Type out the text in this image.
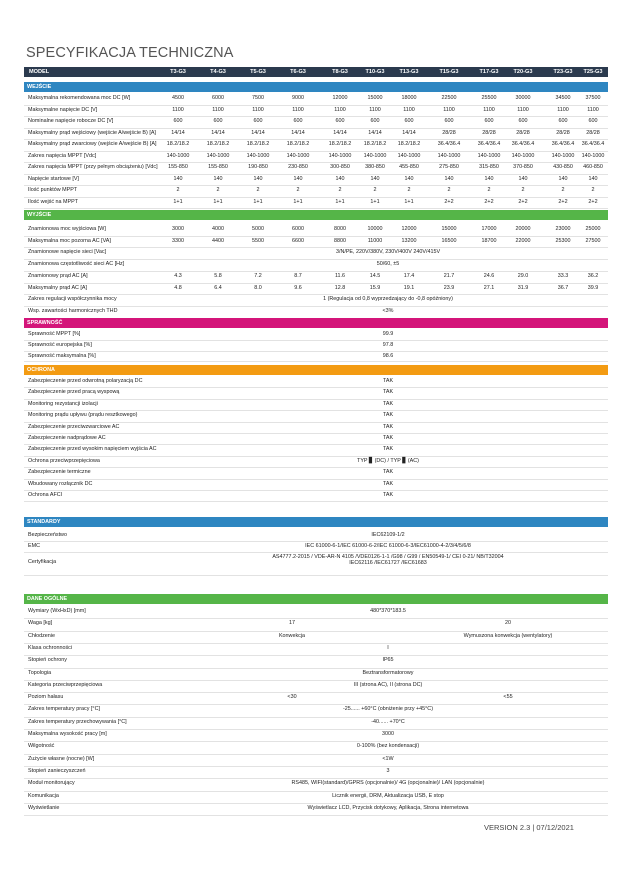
SPECYFIKACJA TECHNICZNA
MODEL	T3-G3	T4-G3	T5-G3	T6-G3	T8-G3	T10-G3	T13-G3	T15-G3	T17-G3	T20-G3	T23-G3 T25-G3
WEJŚCIE
Maksymalna rekomendowana moc DC [W]	4500	6000	7500	9000	12000	15000	18000	22500	25500	30000	34500	37500
Maksymalne napięcie DC [V]	1100	1100	1100	1100	1100	1100	1100	1100	1100	1100	1100	1100
Nominalne napięcie robocze DC [V]	600	600	600	600	600	600	600	600	600	600	600	600
Maksymalny prąd wejściowy (wejście A/wejście B) [A]	14/14	14/14	14/14	14/14	14/14	14/14	14/14	28/28	28/28	28/28	28/28	28/28
Maksymalny prąd zwarciowy (wejście A/wejście B) [A] 18.2/18.2	18.2/18.2	18.2/18.2	18.2/18.2	18.2/18.2 18.2/18.2 18.2/18.2	36.4/36.4	36.4/36.4 36.4/36.4	36.4/36.4 36.4/36.4
Zakres napięcia MPPT [Vdc]	140-1000	140-1000	140-1000	140-1000	140-1000 140-1000 140-1000	140-1000	140-1000 140-1000	140-1000 140-1000
Zakres napięcia MPPT (przy pełnym obciążeniu) [Vdc] 155-850	155-850	190-850	230-850	300-850	380-850	455-850	275-850	315-850	370-850	430-850 460-850
Napięcie startowe [V]	140	140	140	140	140	140	140	140	140	140	140	140
Ilość punktów MPPT	2	2	2	2	2	2	2	2	2	2	2	2
Ilość wejść na MPPT	1+1	1+1	1+1	1+1	1+1	1+1	1+1	2+2	2+2	2+2	2+2	2+2
WYJŚCIE
Znamionowa moc wyjściowa [W]	3000	4000	5000	6000	8000	10000	12000	15000	17000	20000	23000	25000
Maksymalna moc pozorna AC [VA]	3300	4400	5500	6600	8800	11000	13200	16500	18700	22000	25300	27500
Znamionowe napięcie sieci [Vac]	3/N/PE, 220V/380V, 230V/400V 240V/415V
Znamionowa częstotliwość sieci AC [Hz]	50/60, ±5
Znamionowy prąd AC [A]	4.3	5.8	7.2	8.7	11.6	14.5	17.4	21.7	24.6	29.0	33.3	36.2
Maksymalny prąd AC [A]	4.8	6.4	8.0	9.6	12.8	15.9	19.1	23.9	27.1	31.9	36.7	39.9
Zakres regulacji współczynnika mocy	1 (Regulacja od 0,8 wyprzedzający do -0,8 opóźniony)
Wsp. zawartości harmonicznych THD	<3%
SPRAWNOŚĆ
Sprawność MPPT [%]	99.9
Sprawność europejska [%]	97.8
Sprawność maksymalna [%]	98.6
OCHRONA
Zabezpieczenie przed odwrotną polaryzacją DC	TAK
Zabezpieczenie przed pracą wyspową	TAK
Monitoring rezystancji izolacji	TAK
Monitoring prądu upływu (prądu resztkowego)	TAK
Zabezpieczenie przeciwzwarciowe AC	TAK
Zabezpieczenie nadprądowe AC	TAK
Zabezpieczenie przed wysokim napięciem wyjścia AC	TAK
Ochrona przeciwprzepięciowa	TYP ▊ (DC) / TYP ▊ (AC)
Zabezpieczenie termiczne	TAK
Wbudowany rozłącznik DC	TAK
Ochrona AFCI	TAK
STANDARDY
Bezpieczeństwo	IEC62109-1/2
EMC	IEC 61000-6-1/IEC 61000-6-2/IEC 61000-6-3/IEC61000-4-2/3/4/5/6/8
Certyfikacja
AS4777.2-2015 / VDE-AR-N 4105 /VDE0126-1-1 /G98 / G99 / EN50549-1/ CEI 0-21/ NB/T32004
IEC62116 /IEC61727 /IEC61683
DANE OGÓLNE
Wymiary (WxHxD) [mm]	480*370*183.5
Waga [kg]	17	20
Chłodzenie	Konwekcja	Wymuszona konwekcja (wentylatory)
Klasa ochronności	I
Stopień ochrony	IP65
Topologia	Beztransformatorowy
Kategoria przeciwprzepięciowa	III (strona AC), II (strona DC)
Poziom hałasu	<30	<55
Zakres temperatury pracy [°C]	-25...... +60°C (obniżenie przy +45°C)
Zakres temperatury przechowywania [°C]	-40...... +70°C
Maksymalna wysokość pracy [m]	3000
Wilgotność	0-100% (bez kondensacji)
Zużycie własne (nocne) [W]	<1W
Stopień zanieczyszczeń	3
Moduł monitorujący	RS485, WIFI(standard)/GPRS (opcjonalnie)/ 4G (opcjonalnie)/ LAN (opcjonalnie)
Komunikacja	Licznik energii, DRM, Aktualizacja USB, E stop
Wyświetlanie	Wyświetlacz LCD, Przycisk dotykowy, Aplikacja, Strona internetowa
VERSION 2.3 | 07/12/2021
